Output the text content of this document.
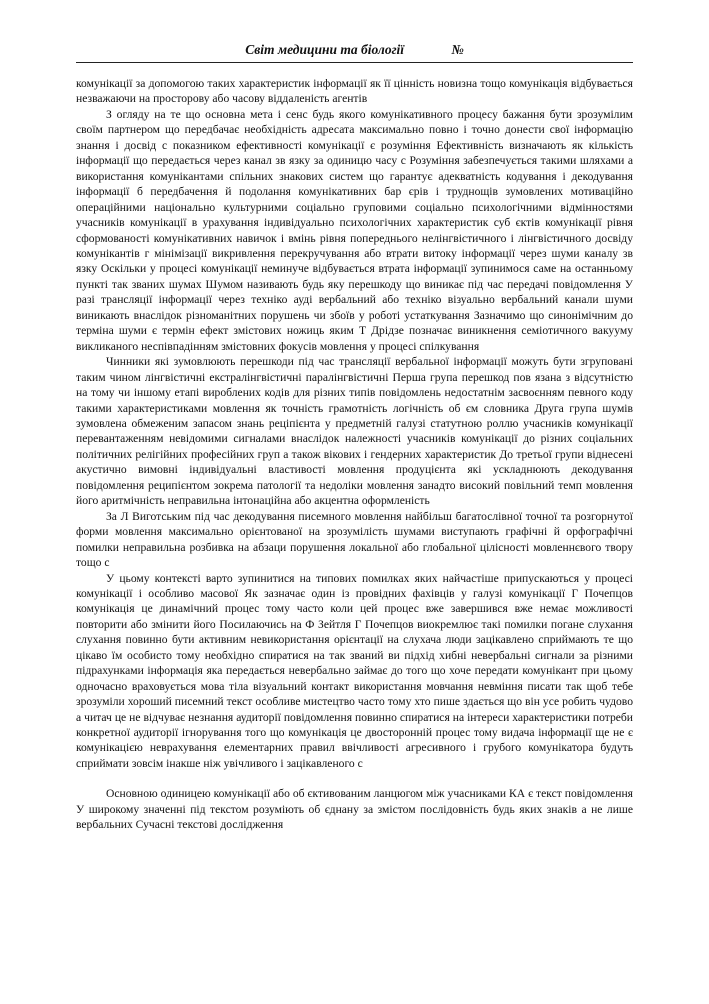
Світ медицини та біології	№

комунікації за допомогою таких характеристик інформації як її цінність новизна тощо комунікація відбувається незважаючи на просторову або часову віддаленість агентів

З огляду на те що основна мета і сенс будь якого комунікативного процесу бажання бути зрозумілим своїм партнером що передбачає необхідність адресата максимально повно і точно донести свої інформацію знання і досвід с показником ефективності комунікації є розуміння Ефективність визначають як кількість інформації що передається через канал зв язку за одиницю часу с Розуміння забезпечується такими шляхами а використання комунікантами спільних знакових систем що гарантує адекватність кодування і декодування інформації б передбачення й подолання комунікативних бар єрів і труднощів зумовлених мотиваційно операційними національно культурними соціально груповими соціально психологічними відмінностями учасників комунікації в урахування індивідуально психологічних характеристик суб єктів комунікації рівня сформованості комунікативних навичок і вмінь рівня попереднього нелінгвістичного і лінгвістичного досвіду комунікантів г мінімізації викривлення перекручування або втрати витоку інформації через шуми каналу зв язку Оскільки у процесі комунікації неминуче відбувається втрата інформації зупинимося саме на останньому пункті так званих шумах Шумом називають будь яку перешкоду що виникає під час передачі повідомлення У разі трансляції інформації через техніко ауді вербальний або техніко візуально вербальний канали шуми виникають внаслідок різноманітних порушень чи збоїв у роботі устаткування Зазначимо що синонімічним до терміна шуми є термін ефект змістових ножиць яким Т Дрідзе позначає виникнення семіотичного вакууму викликаного неспівпадінням змістовних фокусів мовлення у процесі спілкування

Чинники які зумовлюють перешкоди під час трансляції вербальної інформації можуть бути згруповані таким чином лінгвістичні екстралінгвістичні паралінгвістичні Перша група перешкод пов язана з відсутністю на тому чи іншому етапі вироблених кодів для різних типів повідомлень недостатнім засвоєнням певного коду такими характеристиками мовлення як точність грамотність логічність об єм словника Друга група шумів зумовлена обмеженим запасом знань реціпієнта у предметній галузі статутною роллю учасників комунікації перевантаженням невідомими сигналами внаслідок належності учасників комунікації до різних соціальних політичних релігійних професійних груп а також вікових і гендерних характеристик До третьої групи віднесені акустично вимовні індивідуальні властивості мовлення продуцієнта які ускладнюють декодування повідомлення реципієнтом зокрема патології та недоліки мовлення занадто високий повільний темп мовлення його аритмічність неправильна інтонаційна або акцентна оформленість

За Л Виготським під час декодування писемного мовлення найбільш багатослівної точної та розгорнутої форми мовлення максимально орієнтованої на зрозумілість шумами виступають графічні й орфографічні помилки неправильна розбивка на абзаци порушення локальної або глобальної цілісності мовленнєвого твору тощо с

У цьому контексті варто зупинитися на типових помилках яких найчастіше припускаються у процесі комунікації і особливо масової Як зазначає один із провідних фахівців у галузі комунікації Г Почепцов комунікація це динамічний процес тому часто коли цей процес вже завершився вже немає можливості повторити або змінити його Посилаючись на Ф Зейтля Г Почепцов виокремлює такі помилки погане слухання слухання повинно бути активним невикористання орієнтації на слухача люди зацікавлено сприймають те що цікаво їм особисто тому необхідно спиратися на так званий ви підхід хибні невербальні сигнали за різними підрахунками інформація яка передається невербально займає до того що хоче передати комунікант при цьому одночасно враховується мова тіла візуальний контакт використання мовчання невміння писати так щоб тебе зрозуміли хороший писемний текст особливе мистецтво часто тому хто пише здається що він усе робить чудово а читач це не відчуває незнання аудиторії повідомлення повинно спиратися на інтереси характеристики потреби конкретної аудиторії ігнорування того що комунікація це двосторонній процес тому видача інформації ще не є комунікацією неврахування елементарних правил ввічливості агресивного і грубого комунікатора будуть сприймати зовсім інакше ніж увічливого і зацікавленого с

Основною одиницею комунікації або об єктивованим ланцюгом між учасниками КА є текст повідомлення У широкому значенні під текстом розуміють об єднану за змістом послідовність будь яких знаків а не лише вербальних Сучасні текстові дослідження
